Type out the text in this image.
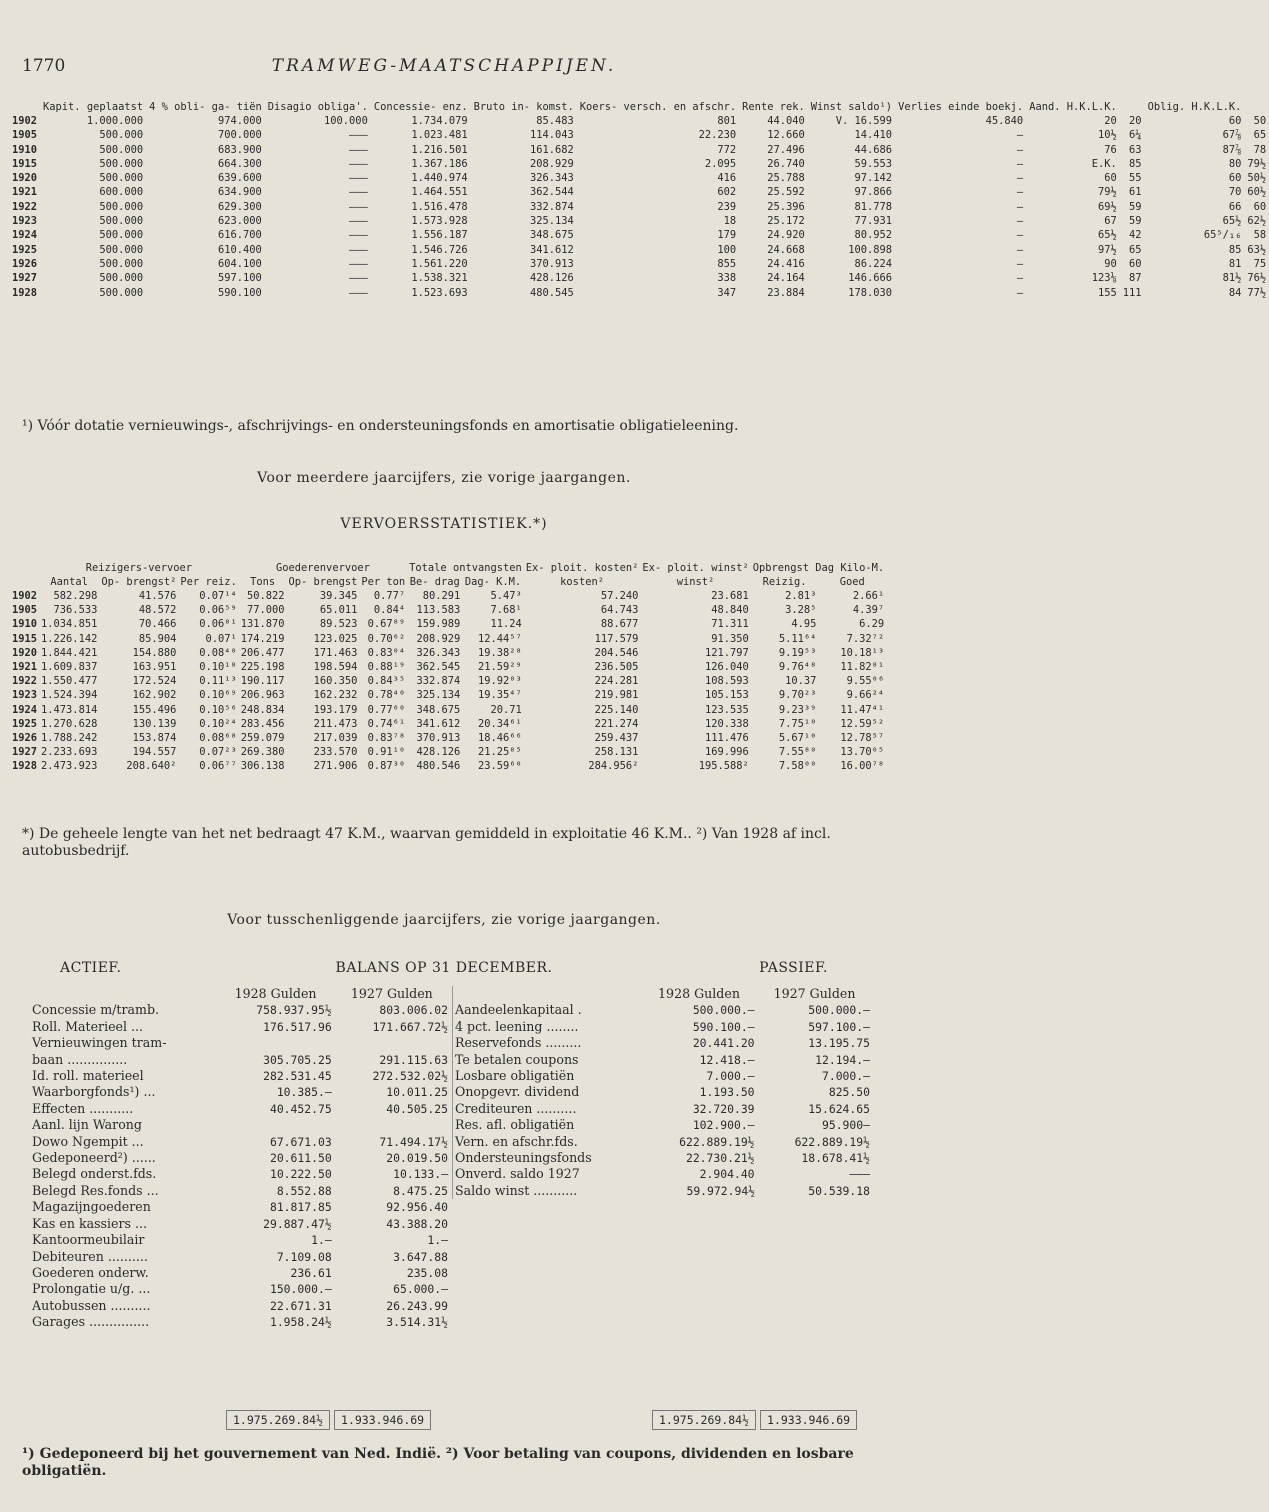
1770	TRAMWEG-MAATSCHAPPIJEN.
	Kapit. geplaatst	4 % obli- ga- tiën	Disagio obliga'.	Concessie- enz.	Bruto in- komst.	Koers- versch. en afschr.	Rente rek.	Winst saldo¹)	Verlies einde boekj.	Aand. H.K.L.K.		Oblig. H.K.L.K.	
1902	1.000.000	974.000	100.000	1.734.079	85.483	801	44.040	V. 16.599	45.840	20	20	60	50
1905	500.000	700.000	———	1.023.481	114.043	22.230	12.660	14.410	—	10½	6¼	67⅞	65
1910	500.000	683.900	———	1.216.501	161.682	772	27.496	44.686	—	76	63	87⅞	78
1915	500.000	664.300	———	1.367.186	208.929	2.095	26.740	59.553	—	E.K.	85	80	79½
1920	500.000	639.600	———	1.440.974	326.343	416	25.788	97.142	—	60	55	60	50½
1921	600.000	634.900	———	1.464.551	362.544	602	25.592	97.866	—	79½	61	70	60½
1922	500.000	629.300	———	1.516.478	332.874	239	25.396	81.778	—	69½	59	66	60
1923	500.000	623.000	———	1.573.928	325.134	18	25.172	77.931	—	67	59	65½	62½
1924	500.000	616.700	———	1.556.187	348.675	179	24.920	80.952	—	65½	42	65⁵/₁₆	58
1925	500.000	610.400	———	1.546.726	341.612	100	24.668	100.898	—	97½	65	85	63½
1926	500.000	604.100	———	1.561.220	370.913	855	24.416	86.224	—	90	60	81	75
1927	500.000	597.100	———	1.538.321	428.126	338	24.164	146.666	—	123⅛	87	81½	76½
1928	500.000	590.100	———	1.523.693	480.545	347	23.884	178.030	—	155	111	84	77½
¹) Vóór dotatie vernieuwings-, afschrijvings- en ondersteuningsfonds en amortisatie obligatieleening.
Voor meerdere jaarcijfers, zie vorige jaargangen.
VERVOERSSTATISTIEK.*)
	Reizigers-vervoer			Goederenvervoer			Totale ontvangsten		Ex- ploit. kosten²	Ex- ploit. winst²	Opbrengst Dag Kilo-M.	
	Aantal	Op- brengst²	Per reiz.	Tons	Op- brengst	Per ton	Be- drag	Dag- K.M.	kosten²	winst²	Reizig.	Goed
1902	582.298	41.576	0.07¹⁴	50.822	39.345	0.77⁷	80.291	5.47³	57.240	23.681	2.81³	2.66¹
1905	736.533	48.572	0.06⁵⁹	77.000	65.011	0.84⁴	113.583	7.68¹	64.743	48.840	3.28⁵	4.39⁷
1910	1.034.851	70.466	0.06⁸¹	131.870	89.523	0.67⁸⁹	159.989	11.24	88.677	71.311	4.95	6.29
1915	1.226.142	85.904	0.07¹	174.219	123.025	0.70⁶²	208.929	12.44⁵⁷	117.579	91.350	5.11⁶⁴	7.32⁷²
1920	1.844.421	154.880	0.08⁴⁰	206.477	171.463	0.83⁰⁴	326.343	19.38²⁸	204.546	121.797	9.19⁵³	10.18¹³
1921	1.609.837	163.951	0.10¹⁸	225.198	198.594	0.88¹⁹	362.545	21.59²⁹	236.505	126.040	9.76⁴⁸	11.82⁸¹
1922	1.550.477	172.524	0.11¹³	190.117	160.350	0.84³⁵	332.874	19.92⁰³	224.281	108.593	10.37	9.55⁰⁶
1923	1.524.394	162.902	0.10⁶⁹	206.963	162.232	0.78⁴⁰	325.134	19.35⁴⁷	219.981	105.153	9.70²³	9.66²⁴
1924	1.473.814	155.496	0.10⁵⁶	248.834	193.179	0.77⁶⁰	348.675	20.71	225.140	123.535	9.23³⁹	11.47⁴¹
1925	1.270.628	130.139	0.10²⁴	283.456	211.473	0.74⁶¹	341.612	20.34⁶¹	221.274	120.338	7.75¹⁰	12.59⁵²
1926	1.788.242	153.874	0.08⁶⁸	259.079	217.039	0.83⁷⁸	370.913	18.46⁶⁶	259.437	111.476	5.67¹⁰	12.78⁵⁷
1927	2.233.693	194.557	0.07²³	269.380	233.570	0.91¹⁰	428.126	21.25⁸⁵	258.131	169.996	7.55⁸⁰	13.70⁰⁵
1928	2.473.923	208.640²	0.06⁷⁷	306.138	271.906	0.87³⁰	480.546	23.59⁶⁰	284.956²	195.588²	7.58⁰⁰	16.00⁷⁸
*) De geheele lengte van het net bedraagt 47 K.M., waarvan gemiddeld in exploitatie 46 K.M.. ²) Van 1928 af incl. autobusbedrijf.
Voor tusschenliggende jaarcijfers, zie vorige jaargangen.
ACTIEF.	BALANS OP 31 DECEMBER.	PASSIEF.
	1928 Gulden	1927 Gulden
Concessie m/tramb.	758.937.95½	803.006.02
Roll. Materieel ...	176.517.96	171.667.72½
Vernieuwingen tram-		
baan ...............	305.705.25	291.115.63
Id. roll. materieel	282.531.45	272.532.02½
Waarborgfonds¹) ...	10.385.—	10.011.25
Effecten ...........	40.452.75	40.505.25
Aanl. lijn Warong		
Dowo Ngempit ...	67.671.03	71.494.17½
Gedeponeerd²) ......	20.611.50	20.019.50
Belegd onderst.fds.	10.222.50	10.133.—
Belegd Res.fonds ...	8.552.88	8.475.25
Magazijngoederen	81.817.85	92.956.40
Kas en kassiers ...	29.887.47½	43.388.20
Kantoormeubilair	1.—	1.—
Debiteuren ..........	7.109.08	3.647.88
Goederen onderw.	236.61	235.08
Prolongatie u/g. ...	150.000.—	65.000.—
Autobussen ..........	22.671.31	26.243.99
Garages ...............	1.958.24½	3.514.31½
	1928 Gulden	1927 Gulden
Aandeelenkapitaal .	500.000.—	500.000.—
4 pct. leening ........	590.100.—	597.100.—
Reservefonds .........	20.441.20	13.195.75
Te betalen coupons	12.418.—	12.194.—
Losbare obligatiën	7.000.—	7.000.—
Onopgevr. dividend	1.193.50	825.50
Crediteuren ..........	32.720.39	15.624.65
Res. afl. obligatiën	102.900.—	95.900—
Vern. en afschr.fds.	622.889.19½	622.889.19½
Ondersteuningsfonds	22.730.21½	18.678.41½
Onverd. saldo 1927	2.904.40	———
Saldo winst ...........	59.972.94½	50.539.18
1.975.269.84½ 1.933.946.69	1.975.269.84½ 1.933.946.69
¹) Gedeponeerd bij het gouvernement van Ned. Indië. ²) Voor betaling van coupons, dividenden en losbare obligatiën.
